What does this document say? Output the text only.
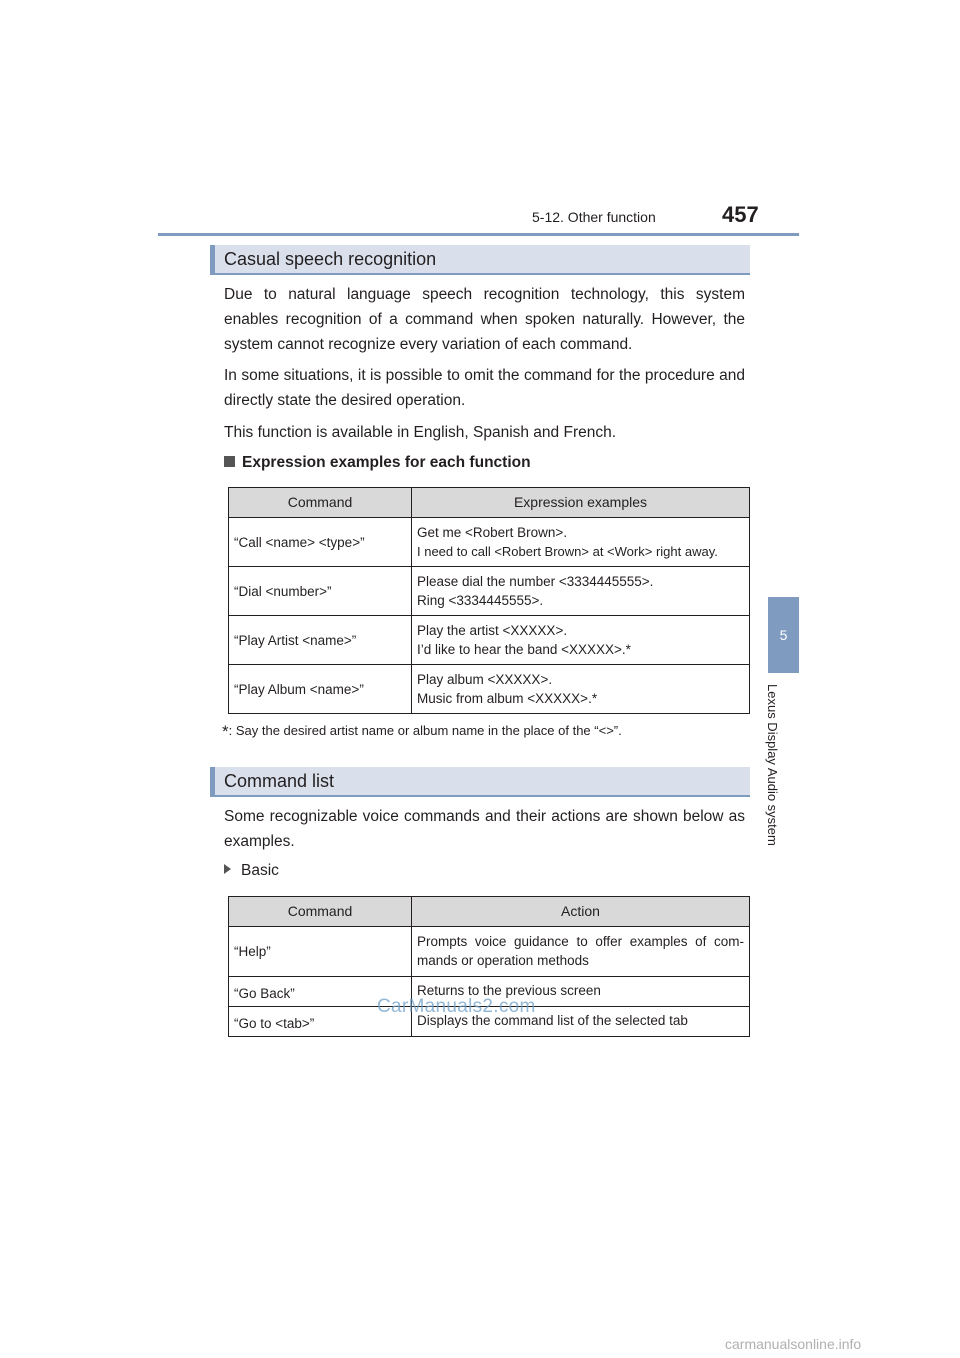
5-12. Other function	457
5
Lexus Display Audio system
Casual speech recognition

Due to natural language speech recognition technology, this system enables recognition of a command when spoken naturally. However, the system cannot recognize every variation of each command.

In some situations, it is possible to omit the command for the procedure and directly state the desired operation.

This function is available in English, Spanish and French.

Expression examples for each function
Command	Expression examples
“Call <name> <type>”	Get me <Robert Brown>.
I need to call <Robert Brown> at <Work> right away.

“Dial <number>”	Please dial the number <3334445555>.
Ring <3334445555>.

“Play Artist <name>”	Play the artist <XXXXX>.
I’d like to hear the band <XXXXX>.*

“Play Album <name>”	Play album <XXXXX>.
Music from album <XXXXX>.*
*: Say the desired artist name or album name in the place of the “<>”.
Command list

Some recognizable voice commands and their actions are shown below as examples.

Basic
Command	Action
“Help”	Prompts voice guidance to offer examples of com- mands or operation methods
“Go Back”	Returns to the previous screen
“Go to <tab>”	Displays the command list of the selected tab
CarManuals2.com
carmanualsonline.info
